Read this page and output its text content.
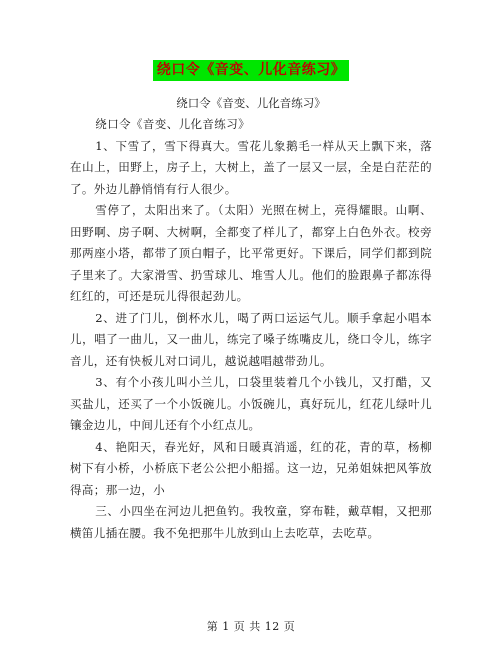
绕口令《音变、儿化音练习》
绕口令《音变、儿化音练习》

绕口令《音变、儿化音练习》

1、下雪了，雪下得真大。雪花儿象鹅毛一样从天上飘下来，落在山上，田野上，房子上，大树上，盖了一层又一层，全是白茫茫的了。外边儿静悄悄有行人很少。

雪停了，太阳出来了。（太阳）光照在树上，亮得耀眼。山啊、田野啊、房子啊、大树啊，全都变了样儿了，都穿上白色外衣。校旁那两座小塔，都带了顶白帽子，比平常更好。下课后，同学们都到院子里来了。大家滑雪、扔雪球儿、堆雪人儿。他们的脸跟鼻子都冻得红红的，可还是玩儿得很起劲儿。

2、进了门儿，倒杯水儿，喝了两口运运气儿。顺手拿起小唱本儿，唱了一曲儿，又一曲儿，练完了嗓子练嘴皮儿，绕口令儿，练字音儿，还有快板儿对口词儿，越说越唱越带劲儿。

3、有个小孩儿叫小兰儿，口袋里装着几个小钱儿，又打醋，又买盐儿，还买了一个小饭碗儿。小饭碗儿，真好玩儿，红花儿绿叶儿镶金边儿，中间儿还有个小红点儿。

4、艳阳天，春光好，风和日暖真消遥，红的花，青的草，杨柳树下有小桥，小桥底下老公公把小船摇。这一边，兄弟姐妹把风筝放得高；那一边，小

三、小四坐在河边儿把鱼钓。我牧童，穿布鞋，戴草帽，又把那横笛儿插在腰。我不免把那牛儿放到山上去吃草，去吃草。

第 1 页 共 12 页
